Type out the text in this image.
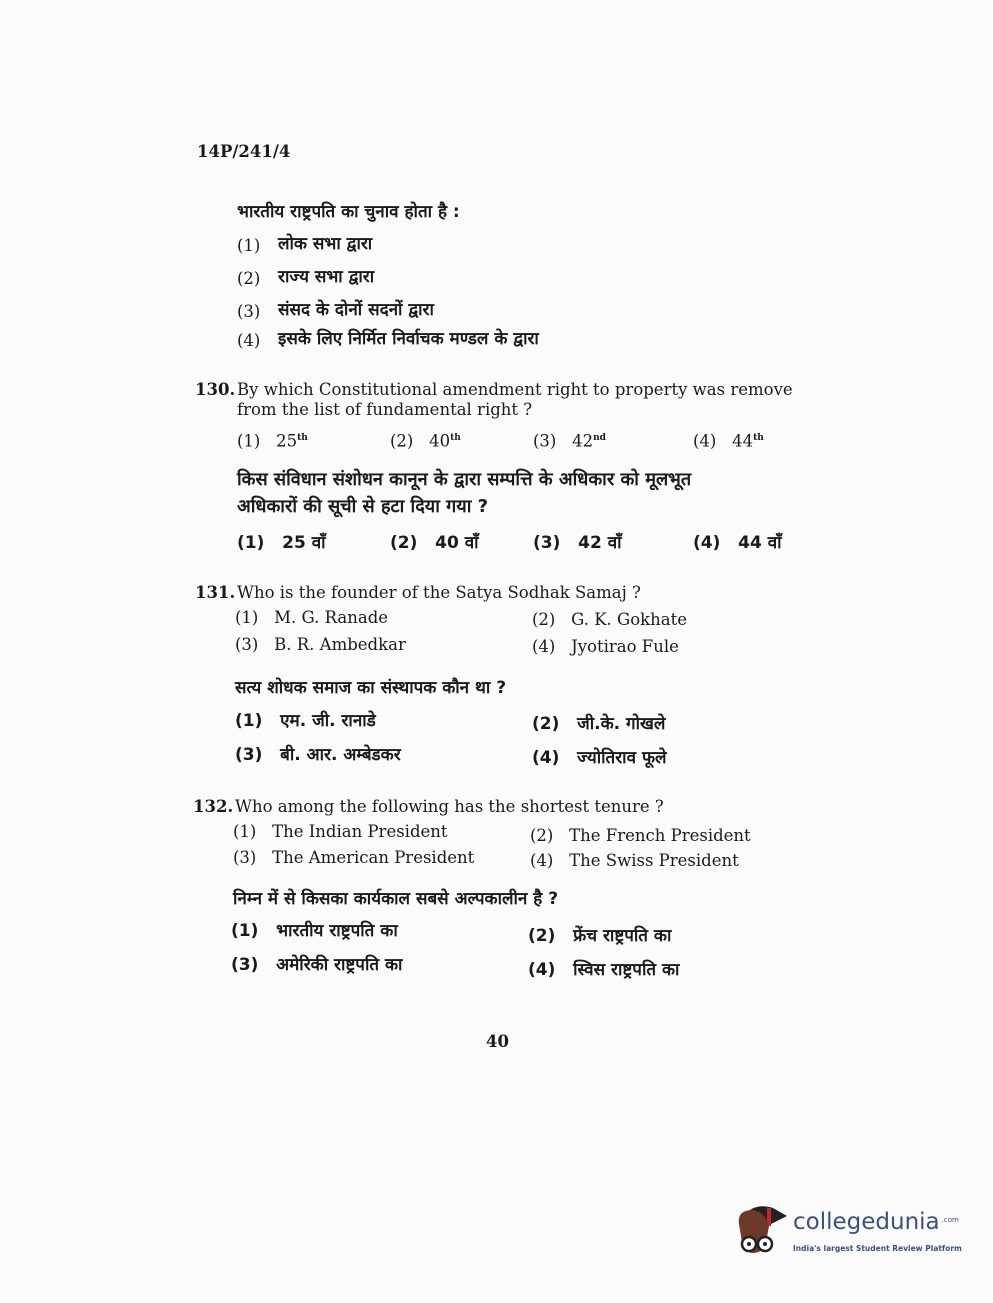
14P/241/4
भारतीय राष्ट्रपति का चुनाव होता है :
(1) लोक सभा द्वारा
(2) राज्य सभा द्वारा
(3) संसद के दोनों सदनों द्वारा
(4) इसके लिए निर्मित निर्वाचक मण्डल के द्वारा
130. By which Constitutional amendment right to property was remove
from the list of fundamental right ?
(1) 25th	(2) 40th	(3) 42nd	(4) 44th
किस संविधान संशोधन कानून के द्वारा सम्पत्ति के अधिकार को मूलभूत
अधिकारों की सूची से हटा दिया गया ?
(1) 25 वाँ	(2) 40 वाँ	(3) 42 वाँ	(4) 44 वाँ
131. Who is the founder of the Satya Sodhak Samaj ?
(1) M. G. Ranade	(2) G. K. Gokhate
(3) B. R. Ambedkar	(4) Jyotirao Fule
सत्य शोधक समाज का संस्थापक कौन था ?
(1) एम. जी. रानाडे	(2) जी.के. गोखले
(3) बी. आर. अम्बेडकर	(4) ज्योतिराव फूले
132. Who among the following has the shortest tenure ?
(1) The Indian President	(2) The French President
(3) The American President	(4) The Swiss President
निम्न में से किसका कार्यकाल सबसे अल्पकालीन है ?
(1) भारतीय राष्ट्रपति का	(2) फ्रेंच राष्ट्रपति का
(3) अमेरिकी राष्ट्रपति का	(4) स्विस राष्ट्रपति का
40
collegedunia .com
India's largest Student Review Platform
